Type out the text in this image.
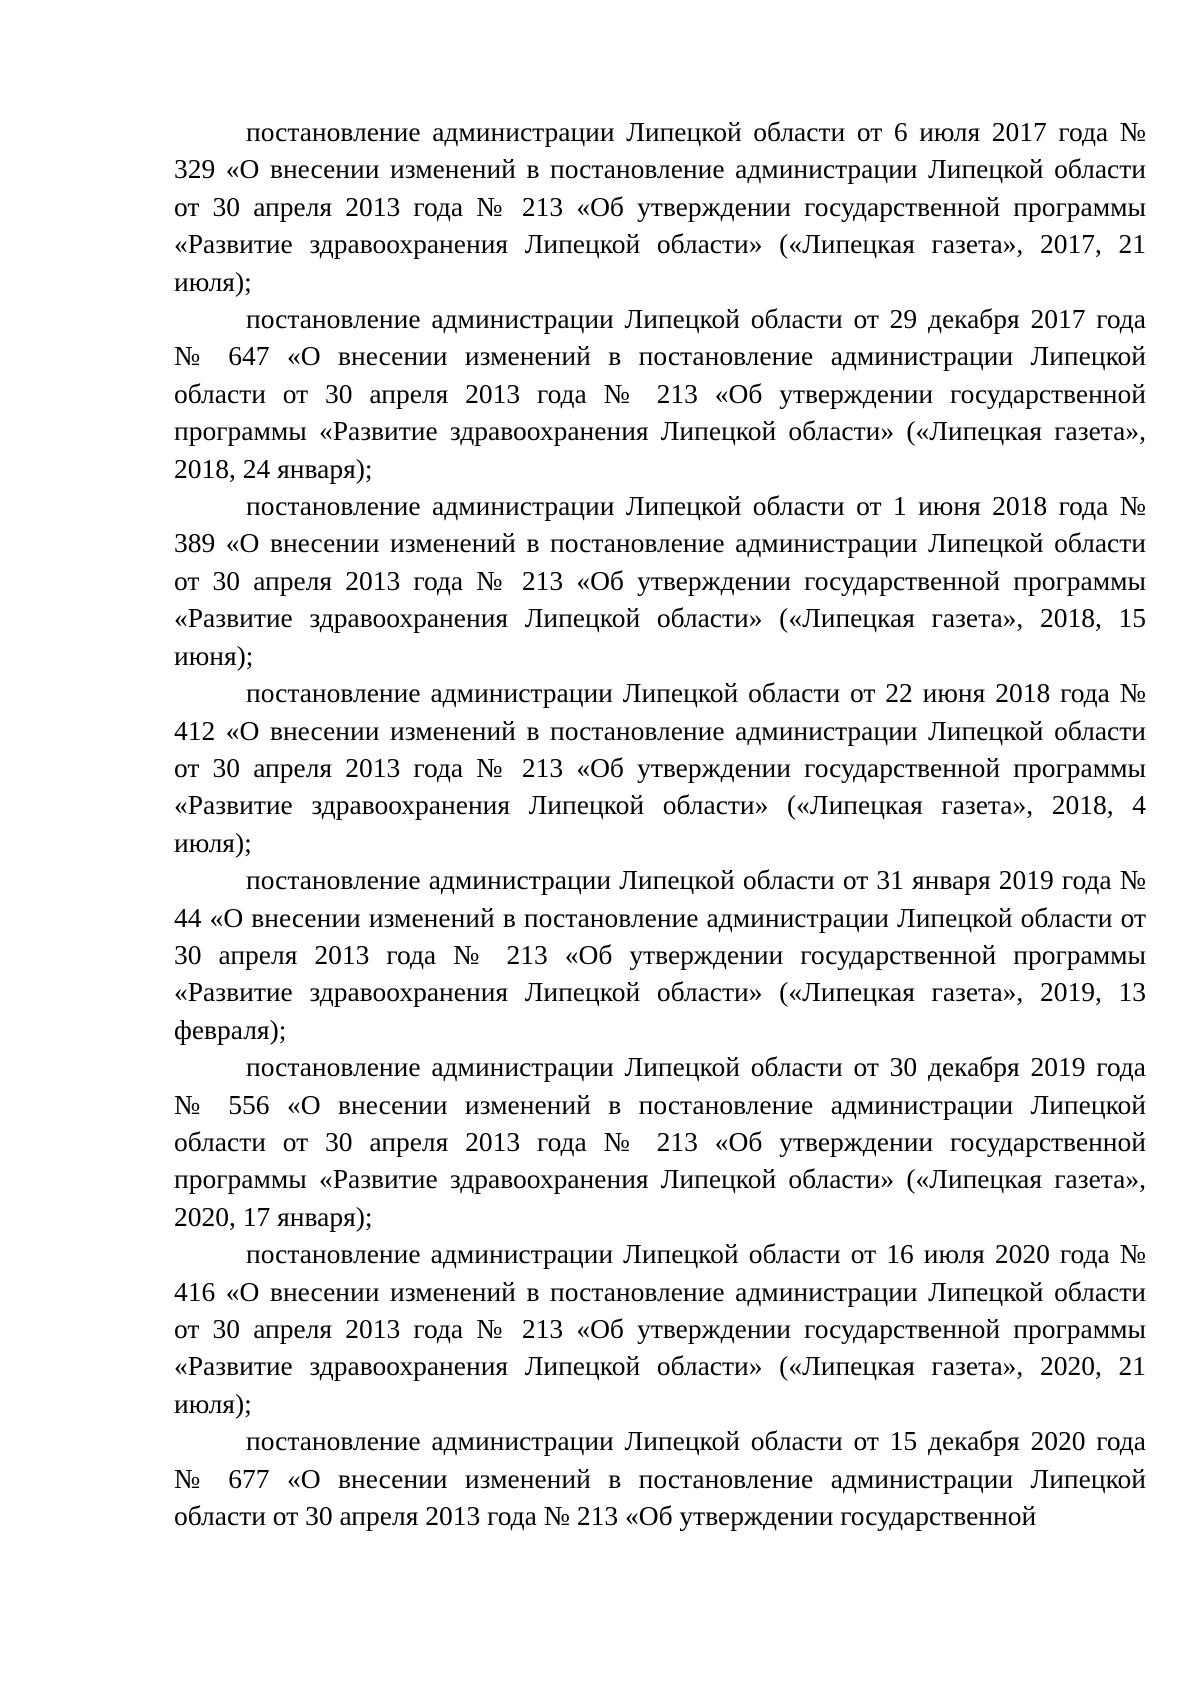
постановление администрации Липецкой области от 6 июля 2017 года № 329 «О внесении изменений в постановление администрации Липецкой области от 30 апреля 2013 года № 213 «Об утверждении государственной программы «Развитие здравоохранения Липецкой области» («Липецкая газета», 2017, 21 июля);

постановление администрации Липецкой области от 29 декабря 2017 года № 647 «О внесении изменений в постановление администрации Липецкой области от 30 апреля 2013 года № 213 «Об утверждении государственной программы «Развитие здравоохранения Липецкой области» («Липецкая газета», 2018, 24 января);

постановление администрации Липецкой области от 1 июня 2018 года № 389 «О внесении изменений в постановление администрации Липецкой области от 30 апреля 2013 года № 213 «Об утверждении государственной программы «Развитие здравоохранения Липецкой области» («Липецкая газета», 2018, 15 июня);

постановление администрации Липецкой области от 22 июня 2018 года № 412 «О внесении изменений в постановление администрации Липецкой области от 30 апреля 2013 года № 213 «Об утверждении государственной программы «Развитие здравоохранения Липецкой области» («Липецкая газета», 2018, 4 июля);

постановление администрации Липецкой области от 31 января 2019 года № 44 «О внесении изменений в постановление администрации Липецкой области от 30 апреля 2013 года № 213 «Об утверждении государственной программы «Развитие здравоохранения Липецкой области» («Липецкая газета», 2019, 13 февраля);

постановление администрации Липецкой области от 30 декабря 2019 года № 556 «О внесении изменений в постановление администрации Липецкой области от 30 апреля 2013 года № 213 «Об утверждении государственной программы «Развитие здравоохранения Липецкой области» («Липецкая газета», 2020, 17 января);

постановление администрации Липецкой области от 16 июля 2020 года № 416 «О внесении изменений в постановление администрации Липецкой области от 30 апреля 2013 года № 213 «Об утверждении государственной программы «Развитие здравоохранения Липецкой области» («Липецкая газета», 2020, 21 июля);

постановление администрации Липецкой области от 15 декабря 2020 года № 677 «О внесении изменений в постановление администрации Липецкой области от 30 апреля 2013 года № 213 «Об утверждении государственной
